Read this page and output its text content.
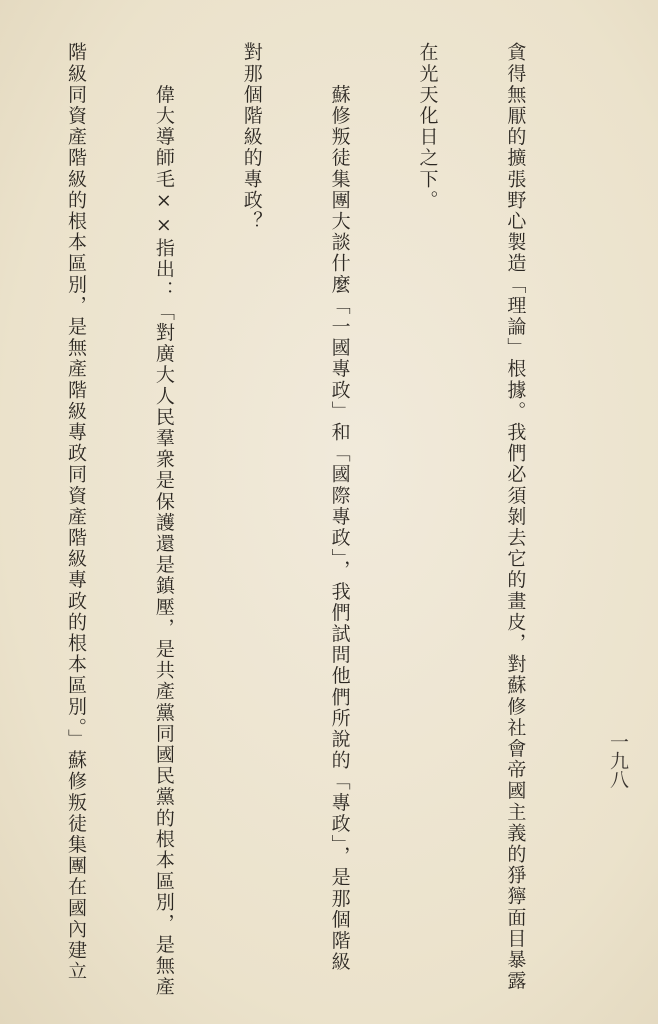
一九八

貪得無厭的擴張野心製造「理論」根據。我們必須剝去它的畫皮，對蘇修社會帝國主義的猙獰面目暴露

在光天化日之下。

　　蘇修叛徒集團大談什麼「一國專政」和「國際專政」，我們試問他們所說的「專政」，是那個階級

對那個階級的專政？

　　偉大導師毛××指出：「對廣大人民羣衆是保護還是鎮壓，是共產黨同國民黨的根本區別，是無產

階級同資產階級的根本區別，是無產階級專政同資產階級專政的根本區別。」蘇修叛徒集團在國內建立
